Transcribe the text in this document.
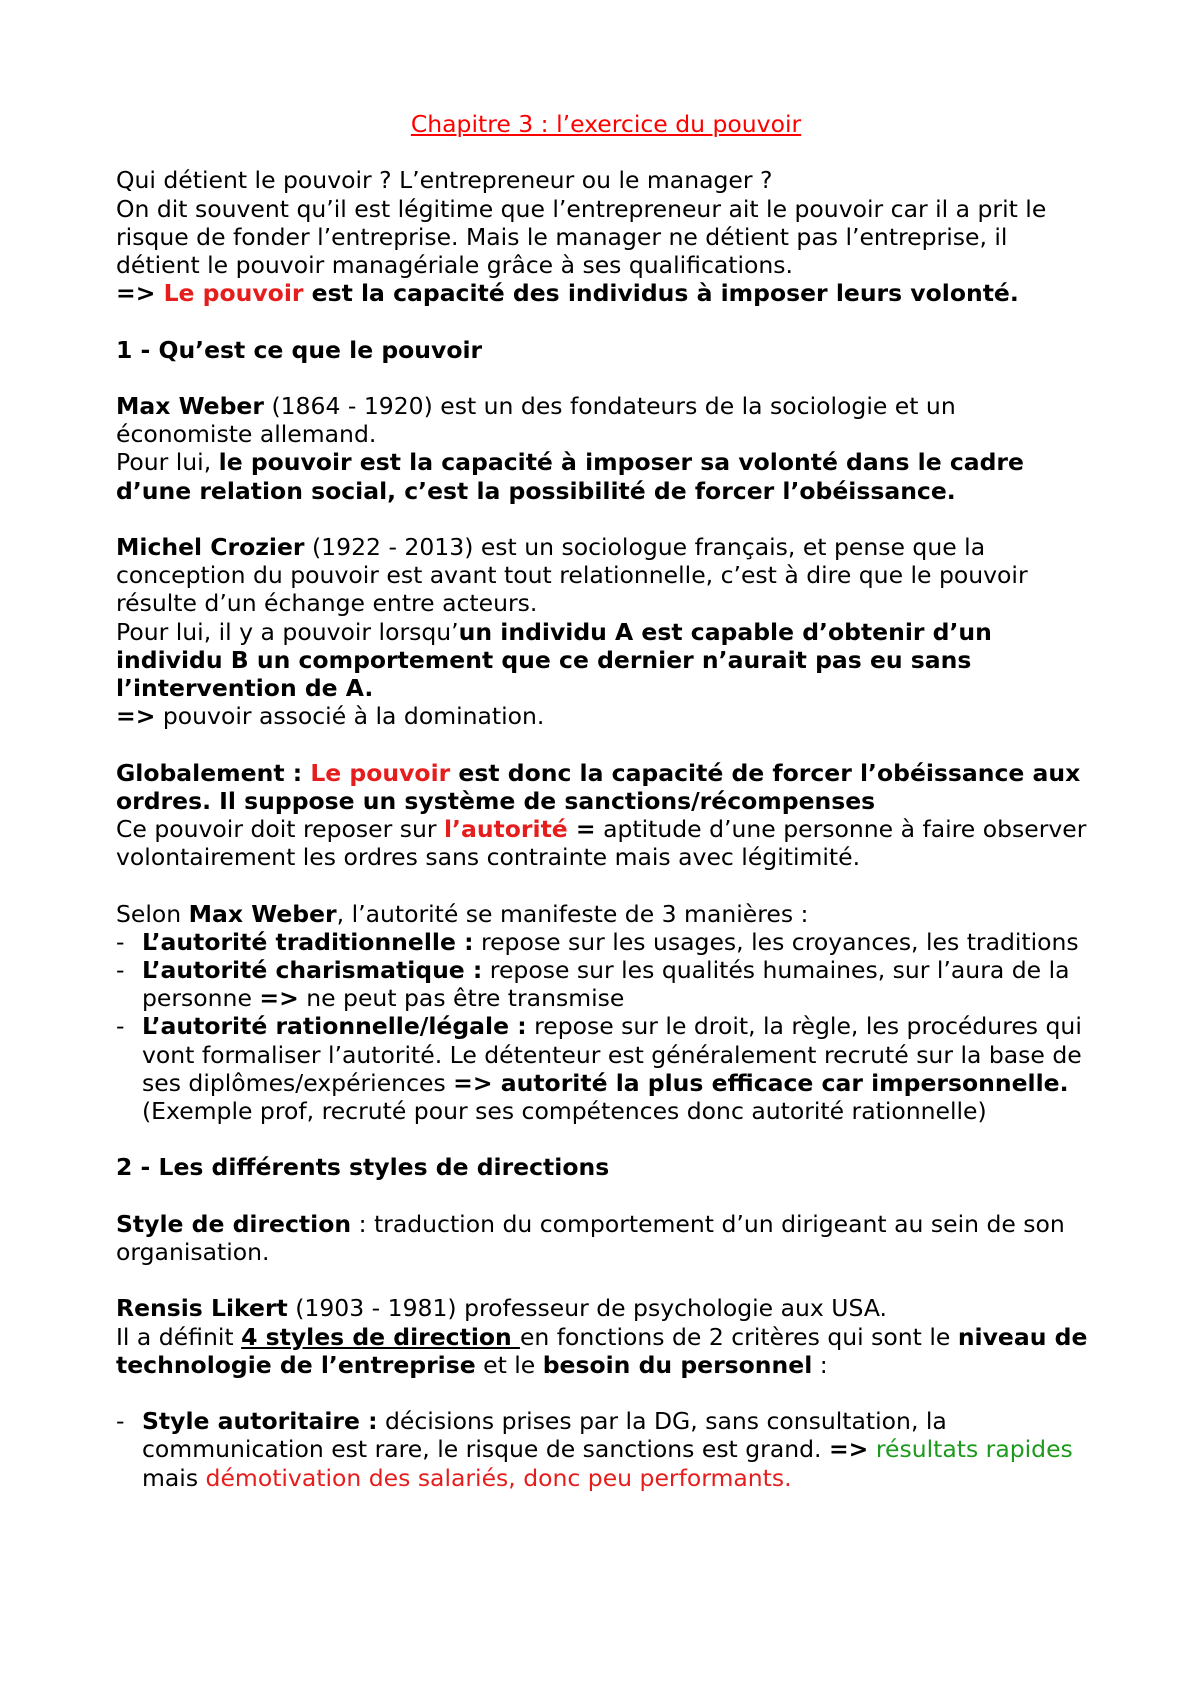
Chapitre 3 : l’exercice du pouvoir

Qui détient le pouvoir ? L’entrepreneur ou le manager ?

On dit souvent qu’il est légitime que l’entrepreneur ait le pouvoir car il a prit le risque de fonder l’entreprise. Mais le manager ne détient pas l’entreprise, il détient le pouvoir managériale grâce à ses qualifications.

=> Le pouvoir est la capacité des individus à imposer leurs volonté.

1 - Qu’est ce que le pouvoir

Max Weber (1864 - 1920) est un des fondateurs de la sociologie et un économiste allemand.

Pour lui, le pouvoir est la capacité à imposer sa volonté dans le cadre d’une relation social, c’est la possibilité de forcer l’obéissance.

Michel Crozier (1922 - 2013) est un sociologue français, et pense que la conception du pouvoir est avant tout relationnelle, c’est à dire que le pouvoir résulte d’un échange entre acteurs.

Pour lui, il y a pouvoir lorsqu’un individu A est capable d’obtenir d’un individu B un comportement que ce dernier n’aurait pas eu sans l’intervention de A.

=> pouvoir associé à la domination.

Globalement : Le pouvoir est donc la capacité de forcer l’obéissance aux ordres. Il suppose un système de sanctions/récompenses

Ce pouvoir doit reposer sur l’autorité = aptitude d’une personne à faire observer volontairement les ordres sans contrainte mais avec légitimité.

Selon Max Weber, l’autorité se manifeste de 3 manières :

- L’autorité traditionnelle : repose sur les usages, les croyances, les traditions
- L’autorité charismatique : repose sur les qualités humaines, sur l’aura de la personne => ne peut pas être transmise
- L’autorité rationnelle/légale : repose sur le droit, la règle, les procédures qui vont formaliser l’autorité. Le détenteur est généralement recruté sur la base de ses diplômes/expériences => autorité la plus efficace car impersonnelle. (Exemple prof, recruté pour ses compétences donc autorité rationnelle)

2 - Les différents styles de directions

Style de direction : traduction du comportement d’un dirigeant au sein de son organisation.

Rensis Likert (1903 - 1981) professeur de psychologie aux USA.

Il a définit 4 styles de direction en fonctions de 2 critères qui sont le niveau de technologie de l’entreprise et le besoin du personnel :

- Style autoritaire : décisions prises par la DG, sans consultation, la communication est rare, le risque de sanctions est grand. => résultats rapides mais démotivation des salariés, donc peu performants.
